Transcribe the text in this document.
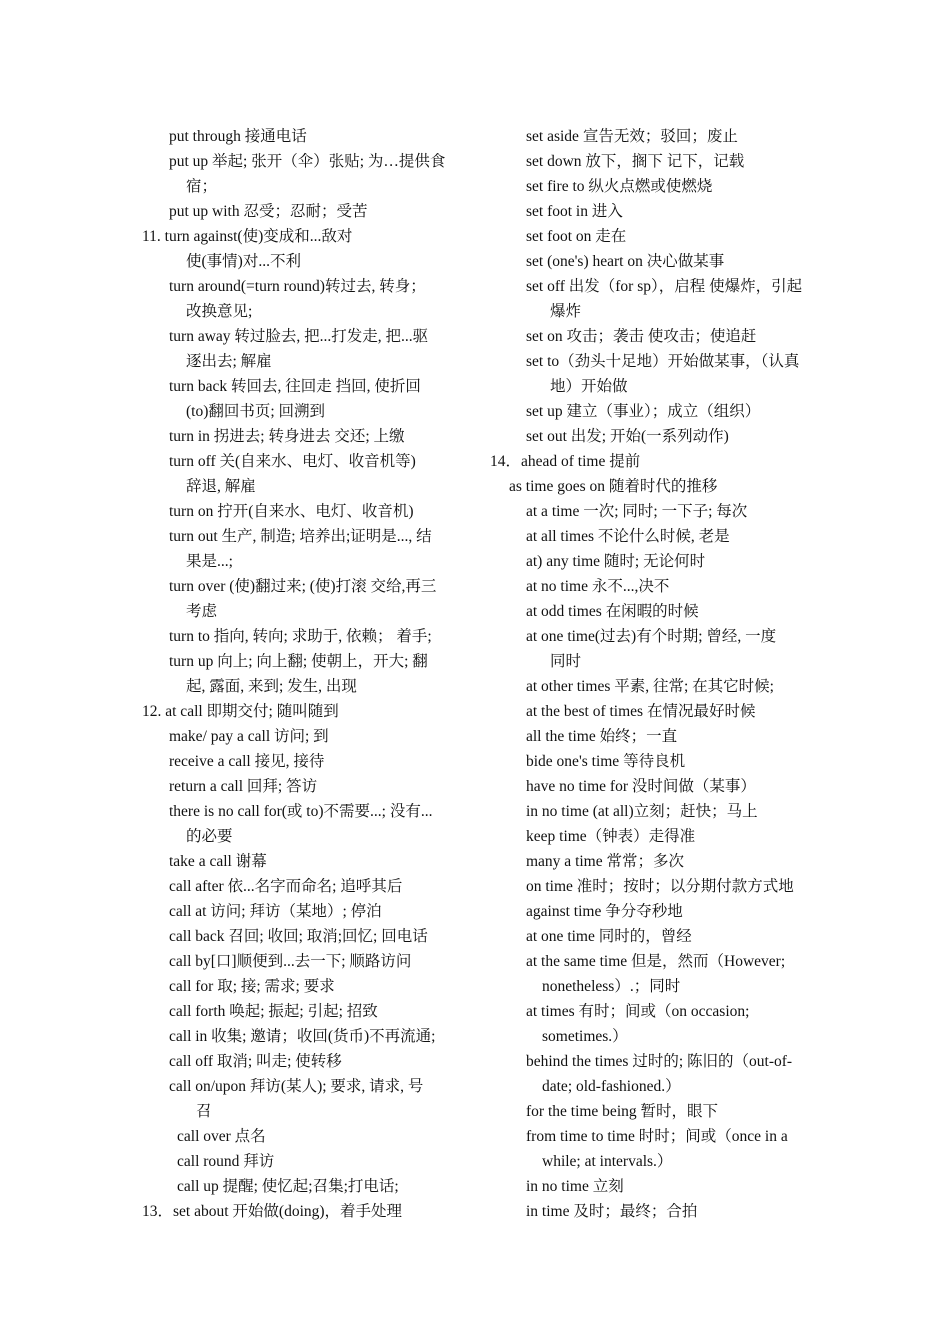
put through 接通电话
put up 举起; 张开（伞）张贴; 为…提供食
宿；
put up with 忍受；忍耐；受苦
11. turn against(使)变成和...敌对
使(事情)对...不利
turn around(=turn round)转过去, 转身；
改换意见;
turn away 转过脸去, 把...打发走, 把...驱
逐出去; 解雇
turn back 转回去, 往回走 挡回, 使折回
(to)翻回书页; 回溯到
turn in 拐进去; 转身进去 交还; 上缴
turn off 关(自来水、电灯、收音机等)
辞退, 解雇
turn on 拧开(自来水、电灯、收音机)
turn out 生产, 制造; 培养出;证明是..., 结
果是...;
turn over (使)翻过来; (使)打滚 交给,再三
考虑
turn to 指向, 转向; 求助于, 依赖； 着手;
turn up 向上; 向上翻; 使朝上，开大; 翻
起, 露面, 来到; 发生, 出现
12. at call 即期交付; 随叫随到
make/ pay a call 访问; 到
receive a call 接见, 接待
return a call 回拜; 答访
there is no call for(或 to)不需要...; 没有...
的必要
take a call 谢幕
call after 依...名字而命名; 追呼其后
call at 访问; 拜访（某地）; 停泊
call back 召回; 收回; 取消;回忆; 回电话
call by[口]顺便到...去一下; 顺路访问
call for 取; 接; 需求; 要求
call forth 唤起; 振起; 引起; 招致
call in 收集; 邀请；收回(货币)不再流通;
call off 取消; 叫走; 使转移
call on/upon 拜访(某人); 要求, 请求, 号
召
call over 点名
call round 拜访
call up 提醒; 使忆起;召集;打电话;
13．set about 开始做(doing)，着手处理
set aside 宣告无效；驳回；废止
set down 放下，搁下 记下，记载
set fire to 纵火点燃或使燃烧
set foot in 进入
set foot on 走在
set (one's) heart on 决心做某事
set off 出发（for sp），启程 使爆炸，引起
爆炸
set on 攻击；袭击 使攻击；使追赶
set to（劲头十足地）开始做某事，（认真
地）开始做
set up 建立（事业）；成立（组织）
set out 出发; 开始(一系列动作)
14．ahead of time 提前
as time goes on 随着时代的推移
at a time 一次; 同时; 一下子; 每次
at all times 不论什么时候, 老是
at) any time 随时; 无论何时
at no time 永不...,决不
at odd times 在闲暇的时候
at one time(过去)有个时期; 曾经, 一度
同时
at other times 平素, 往常; 在其它时候;
at the best of times 在情况最好时候
all the time 始终；一直
bide one's time 等待良机
have no time for 没时间做（某事）
in no time (at all)立刻；赶快；马上
keep time（钟表）走得准
many a time 常常；多次
on time 准时；按时；以分期付款方式地
against time 争分夺秒地
at one time 同时的，曾经
at the same time 但是，然而（However;
nonetheless）.；同时
at times 有时；间或（on occasion;
sometimes.）
behind the times 过时的; 陈旧的（out-of-
date; old-fashioned.）
for the time being 暂时，眼下
from time to time 时时；间或（once in a
while; at intervals.）
in no time 立刻
in time 及时；最终；合拍
